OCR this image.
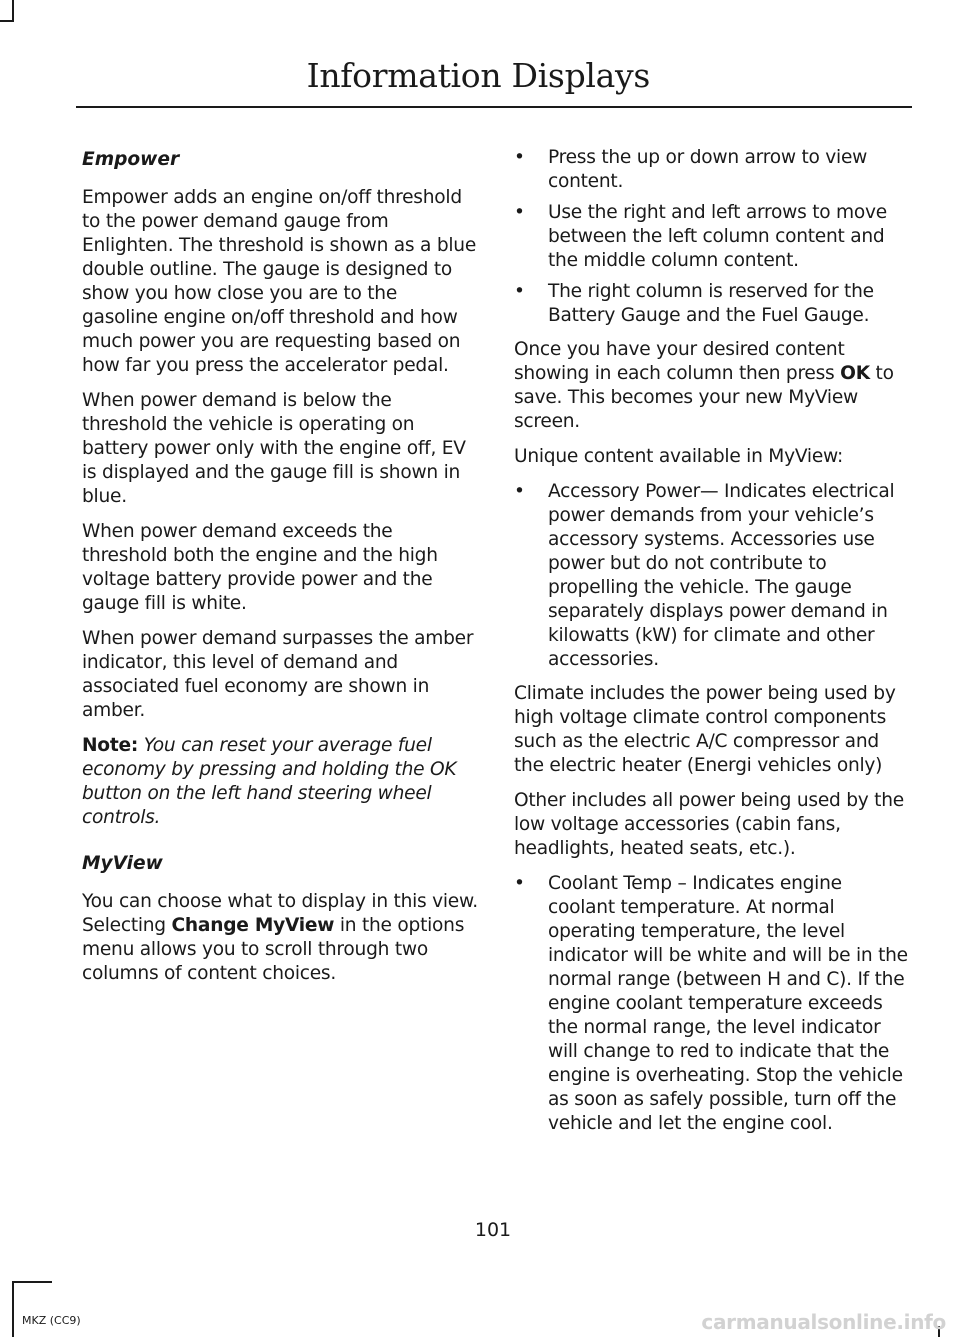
Information Displays
Empower

Empower adds an engine on/off threshold to the power demand gauge from Enlighten. The threshold is shown as a blue double outline. The gauge is designed to show you how close you are to the gasoline engine on/off threshold and how much power you are requesting based on how far you press the accelerator pedal.

When power demand is below the threshold the vehicle is operating on battery power only with the engine off, EV is displayed and the gauge fill is shown in blue.

When power demand exceeds the threshold both the engine and the high voltage battery provide power and the gauge fill is white.

When power demand surpasses the amber indicator, this level of demand and associated fuel economy are shown in amber.

Note: You can reset your average fuel economy by pressing and holding the OK button on the left hand steering wheel controls.

MyView

You can choose what to display in this view. Selecting Change MyView in the options menu allows you to scroll through two columns of content choices.

• Press the up or down arrow to view content.
• Use the right and left arrows to move between the left column content and the middle column content.
• The right column is reserved for the Battery Gauge and the Fuel Gauge.

Once you have your desired content showing in each column then press OK to save. This becomes your new MyView screen.

Unique content available in MyView:

• Accessory Power— Indicates electrical power demands from your vehicle’s accessory systems. Accessories use power but do not contribute to propelling the vehicle. The gauge separately displays power demand in kilowatts (kW) for climate and other accessories.

Climate includes the power being used by high voltage climate control components such as the electric A/C compressor and the electric heater (Energi vehicles only)

Other includes all power being used by the low voltage accessories (cabin fans, headlights, heated seats, etc.).

• Coolant Temp – Indicates engine coolant temperature. At normal operating temperature, the level indicator will be white and will be in the normal range (between H and C). If the engine coolant temperature exceeds the normal range, the level indicator will change to red to indicate that the engine is overheating. Stop the vehicle as soon as safely possible, turn off the vehicle and let the engine cool.

101

MKZ (CC9)	carmanualsonline.info
